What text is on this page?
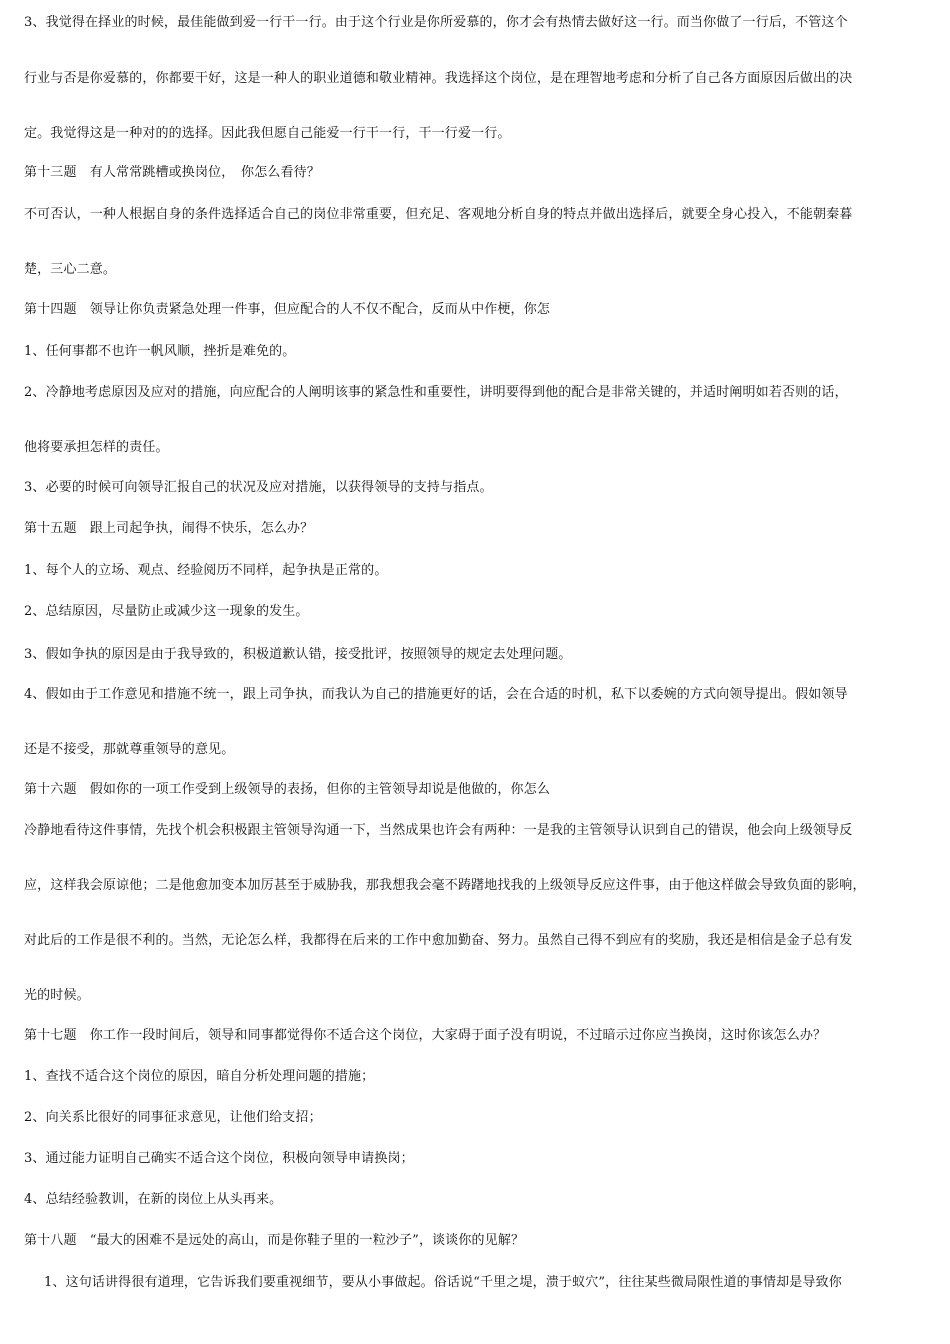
3、我觉得在择业的时候，最佳能做到爱一行干一行。由于这个行业是你所爱慕的，你才会有热情去做好这一行。而当你做了一行后，不管这个

行业与否是你爱慕的，你都要干好，这是一种人的职业道德和敬业精神。我选择这个岗位，是在理智地考虑和分析了自己各方面原因后做出的决

定。我觉得这是一种对的的选择。因此我但愿自己能爱一行干一行，干一行爱一行。

第十三题　有人常常跳槽或换岗位，　你怎么看待？

不可否认，一种人根据自身的条件选择适合自己的岗位非常重要，但充足、客观地分析自身的特点并做出选择后，就要全身心投入，不能朝秦暮

楚，三心二意。

第十四题　领导让你负责紧急处理一件事，但应配合的人不仅不配合，反而从中作梗，你怎

1、任何事都不也许一帆风顺，挫折是难免的。

2、冷静地考虑原因及应对的措施，向应配合的人阐明该事的紧急性和重要性，讲明要得到他的配合是非常关键的，并适时阐明如若否则的话，

他将要承担怎样的责任。

3、必要的时候可向领导汇报自己的状况及应对措施，以获得领导的支持与指点。

第十五题　跟上司起争执，闹得不快乐，怎么办？

1、每个人的立场、观点、经验阅历不同样，起争执是正常的。

2、总结原因，尽量防止或减少这一现象的发生。

3、假如争执的原因是由于我导致的，积极道歉认错，接受批评，按照领导的规定去处理问题。

4、假如由于工作意见和措施不统一，跟上司争执，而我认为自己的措施更好的话，会在合适的时机，私下以委婉的方式向领导提出。假如领导

还是不接受，那就尊重领导的意见。

第十六题　假如你的一项工作受到上级领导的表扬，但你的主管领导却说是他做的，你怎么

冷静地看待这件事情，先找个机会积极跟主管领导沟通一下，当然成果也许会有两种：一是我的主管领导认识到自己的错误，他会向上级领导反

应，这样我会原谅他；二是他愈加变本加厉甚至于威胁我，那我想我会毫不踌躇地找我的上级领导反应这件事，由于他这样做会导致负面的影响，

对此后的工作是很不利的。当然，无论怎么样，我都得在后来的工作中愈加勤奋、努力。虽然自己得不到应有的奖励，我还是相信是金子总有发

光的时候。

第十七题　你工作一段时间后，领导和同事都觉得你不适合这个岗位，大家碍于面子没有明说，不过暗示过你应当换岗，这时你该怎么办？

1、查找不适合这个岗位的原因，暗自分析处理问题的措施；

2、向关系比很好的同事征求意见，让他们给支招；

3、通过能力证明自己确实不适合这个岗位，积极向领导申请换岗；

4、总结经验教训，在新的岗位上从头再来。

第十八题　“最大的困难不是远处的高山，而是你鞋子里的一粒沙子”，谈谈你的见解？

1、这句话讲得很有道理，它告诉我们要重视细节，要从小事做起。俗话说“千里之堤，溃于蚁穴”，往往某些微局限性道的事情却是导致你
